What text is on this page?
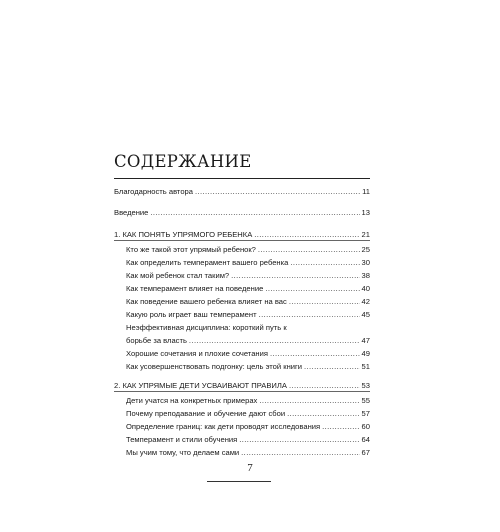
СОДЕРЖАНИЕ
Благодарность автора .....	11
Введение .....	13
1. КАК ПОНЯТЬ УПРЯМОГО РЕБЕНКА .....	21
Кто же такой этот упрямый ребенок? .....	25
Как определить темперамент вашего ребенка .....	30
Как мой ребенок стал таким? .....	38
Как темперамент влияет на поведение .....	40
Как поведение вашего ребенка влияет на вас .....	42
Какую роль играет ваш темперамент .....	45
Неэффективная дисциплина: короткий путь к
борьбе за власть .....	47
Хорошие сочетания и плохие сочетания .....	49
Как усовершенствовать подгонку: цель этой книги .....	51
2. КАК УПРЯМЫЕ ДЕТИ УСВАИВАЮТ ПРАВИЛА .....	53
Дети учатся на конкретных примерах .....	55
Почему преподавание и обучение дают сбои .....	57
Определение границ: как дети проводят исследования .....	60
Темперамент и стили обучения .....	64
Мы учим тому, что делаем сами .....	67
7
